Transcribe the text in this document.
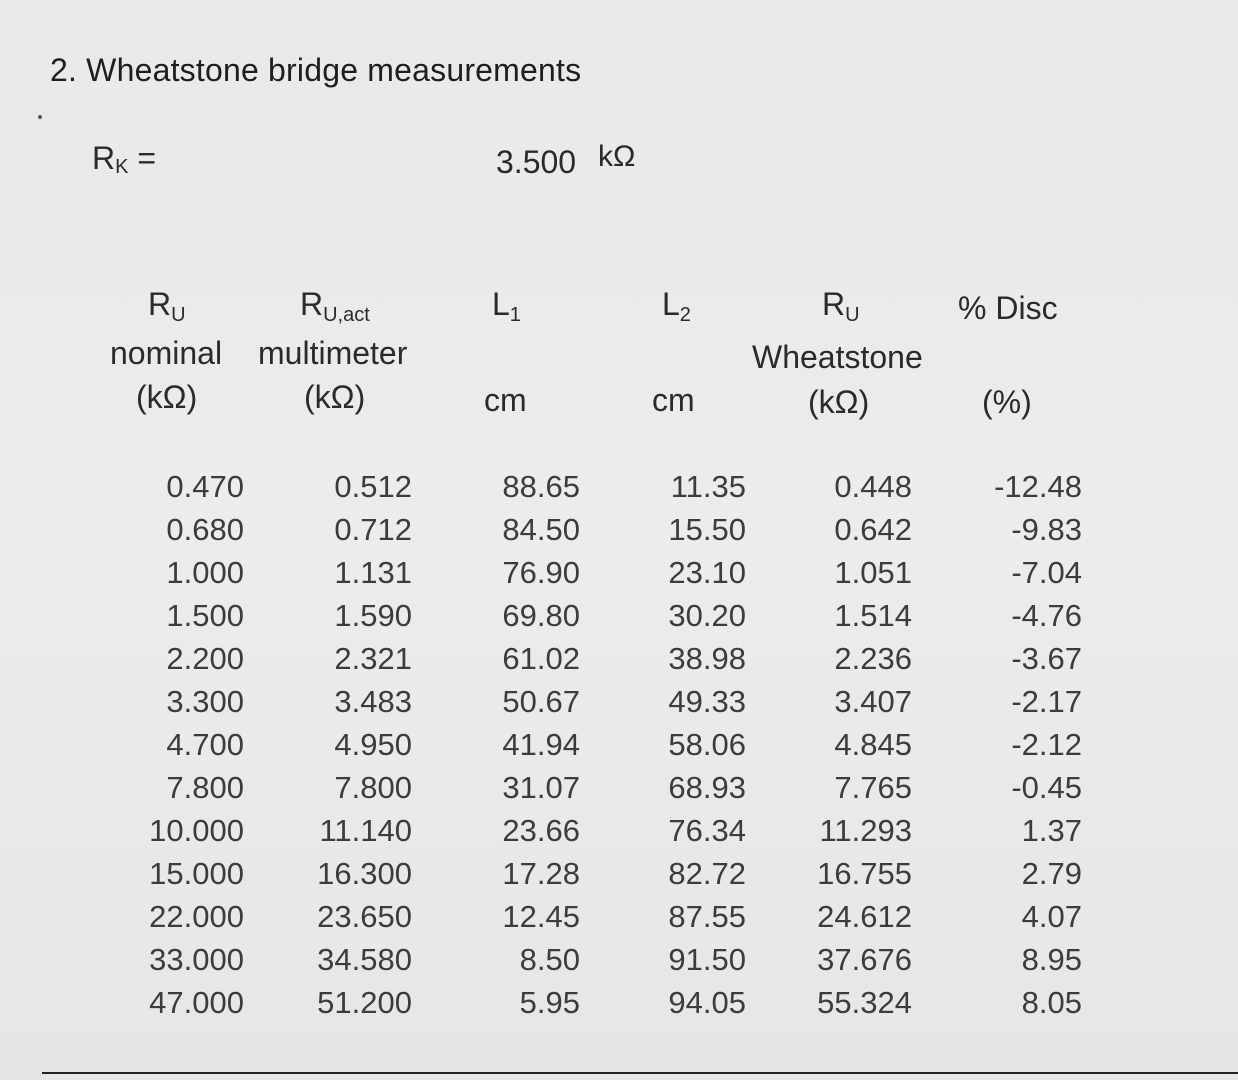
2. Wheatstone bridge measurements
$R_K$ =	3.500 kΩ
$R_U$
nominal
(kΩ)
$R_{U,act}$
multimeter
(kΩ)
$L_1$
cm
$L_2$
cm
$R_U$
Wheatstone
(kΩ)
% Disc
(%)
0.470
0.680
1.000
1.500
2.200
3.300
4.700
7.800
10.000
15.000
22.000
33.000
47.000
0.512
0.712
1.131
1.590
2.321
3.483
4.950
7.800
11.140
16.300
23.650
34.580
51.200
88.65
84.50
76.90
69.80
61.02
50.67
41.94
31.07
23.66
17.28
12.45
8.50
5.95
11.35
15.50
23.10
30.20
38.98
49.33
58.06
68.93
76.34
82.72
87.55
91.50
94.05
0.448
0.642
1.051
1.514
2.236
3.407
4.845
7.765
11.293
16.755
24.612
37.676
55.324
-12.48
-9.83
-7.04
-4.76
-3.67
-2.17
-2.12
-0.45
1.37
2.79
4.07
8.95
8.05
